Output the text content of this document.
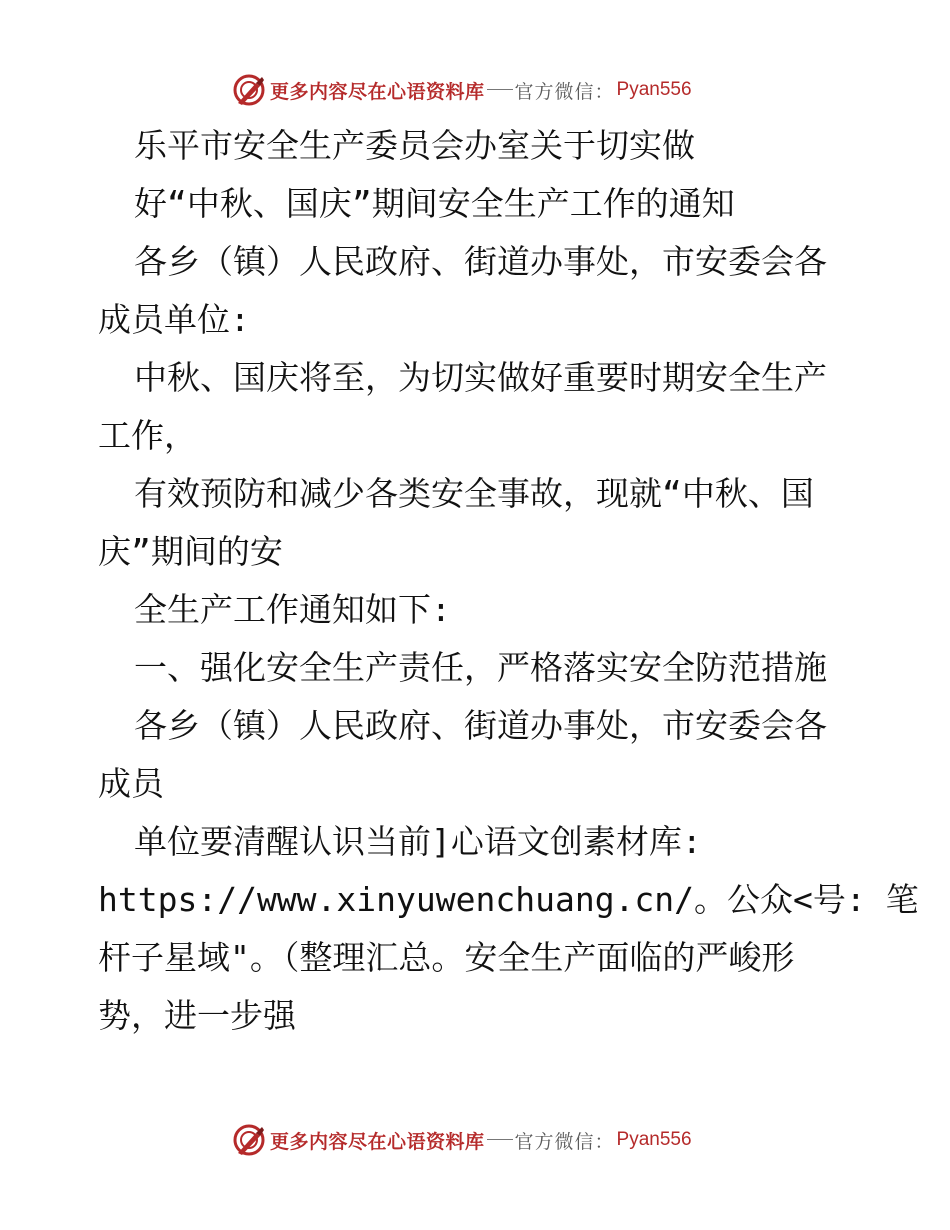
更多内容尽在心语资料库 官方微信： Pyan556

乐平市安全生产委员会办室关于切实做

好“中秋、国庆”期间安全生产工作的通知

各乡（镇）人民政府、街道办事处，市安委会各

成员单位:

中秋、国庆将至，为切实做好重要时期安全生产

工作，

有效预防和减少各类安全事故，现就“中秋、国

庆”期间的安

全生产工作通知如下:

一、强化安全生产责任，严格落实安全防范措施

各乡（镇）人民政府、街道办事处，市安委会各

成员

单位要清醒认识当前]心语文创素材库:

https://www.xinyuwenchuang.cn/。公众<号: 笔

杆子星域"。（整理汇总。安全生产面临的严峻形

势，进一步强

更多内容尽在心语资料库 官方微信： Pyan556
